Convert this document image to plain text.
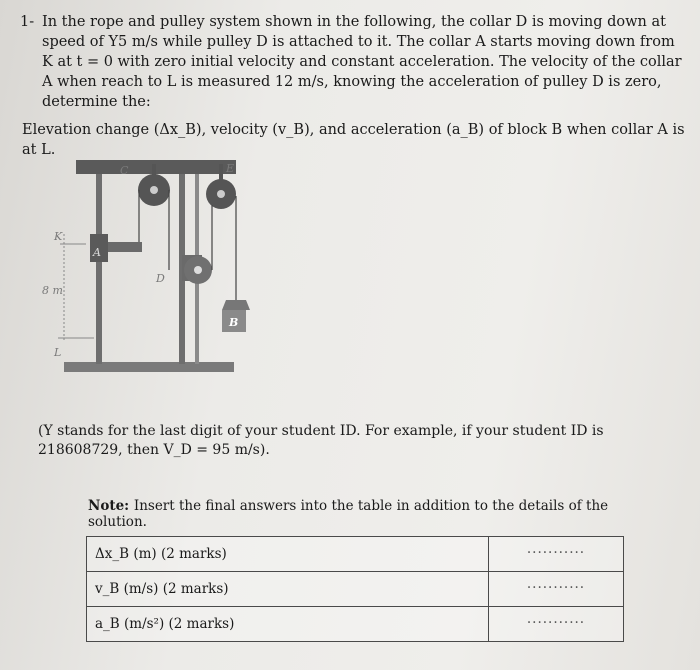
1- In the rope and pulley system shown in the following, the collar D is moving down at speed of Y5 m/s while pulley D is attached to it. The collar A starts moving down from K at t = 0 with zero initial velocity and constant acceleration. The velocity of the collar A when reach to L is measured 12 m/s, knowing the acceleration of pulley D is zero, determine the:
Elevation change (Δx_B), velocity (v_B), and acceleration (a_B) of block B when collar A is at L.
K
A
C
D
E
B
8 m
L
(Y stands for the last digit of your student ID. For example, if your student ID is 218608729, then V_D = 95 m/s).
Note: Insert the final answers into the table in addition to the details of the solution.
Δx_B (m) (2 marks)	...........
v_B (m/s) (2 marks)	...........
a_B (m/s²) (2 marks)	...........
